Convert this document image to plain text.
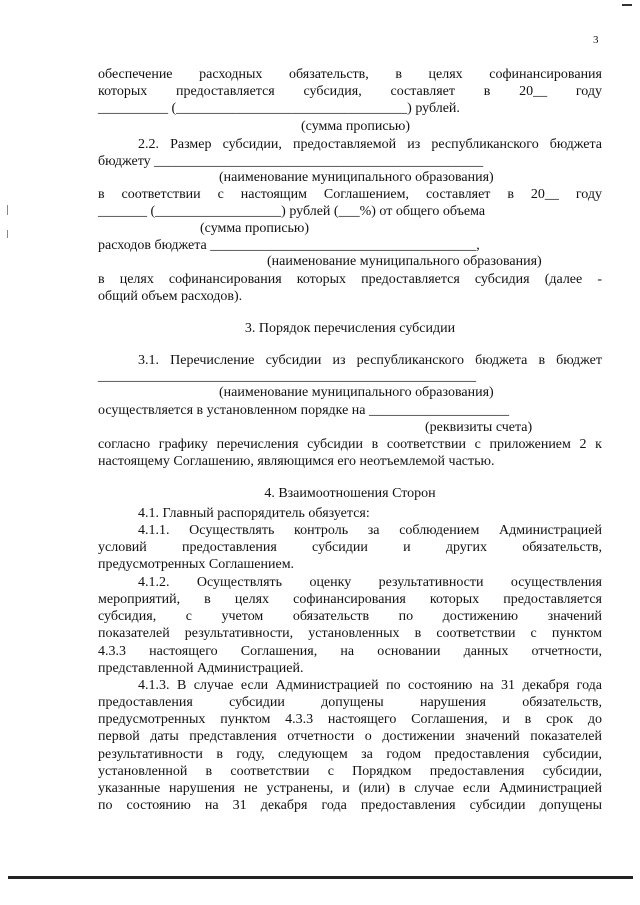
3
обеспечение расходных обязательств, в целях софинансирования
которых предоставляется субсидия, составляет в 20__ году
__________ (_________________________________) рублей.
(сумма прописью)
2.2. Размер субсидии, предоставляемой из республиканского бюджета
бюджету _______________________________________________
(наименование муниципального образования)
в соответствии с настоящим Соглашением, составляет в 20__ году
_______ (__________________) рублей (___%) от общего объема
(сумма прописью)
расходов бюджета ______________________________________,
(наименование муниципального образования)
в целях софинансирования которых предоставляется субсидия (далее -
общий объем расходов).
3. Порядок перечисления субсидии
3.1. Перечисление субсидии из республиканского бюджета в бюджет
______________________________________________________
(наименование муниципального образования)
осуществляется в установленном порядке на ____________________
(реквизиты счета)
согласно графику перечисления субсидии в соответствии с приложением 2 к
настоящему Соглашению, являющимся его неотъемлемой частью.
4. Взаимоотношения Сторон
4.1. Главный распорядитель обязуется:
4.1.1. Осуществлять контроль за соблюдением Администрацией
условий предоставления субсидии и других обязательств,
предусмотренных Соглашением.
4.1.2. Осуществлять оценку результативности осуществления
мероприятий, в целях софинансирования которых предоставляется
субсидия, с учетом обязательств по достижению значений
показателей результативности, установленных в соответствии с пунктом
4.3.3 настоящего Соглашения, на основании данных отчетности,
представленной Администрацией.
4.1.3. В случае если Администрацией по состоянию на 31 декабря года
предоставления субсидии допущены нарушения обязательств,
предусмотренных пунктом 4.3.3 настоящего Соглашения, и в срок до
первой даты представления отчетности о достижении значений показателей
результативности в году, следующем за годом предоставления субсидии,
установленной в соответствии с Порядком предоставления субсидии,
указанные нарушения не устранены, и (или) в случае если Администрацией
по состоянию на 31 декабря года предоставления субсидии допущены
